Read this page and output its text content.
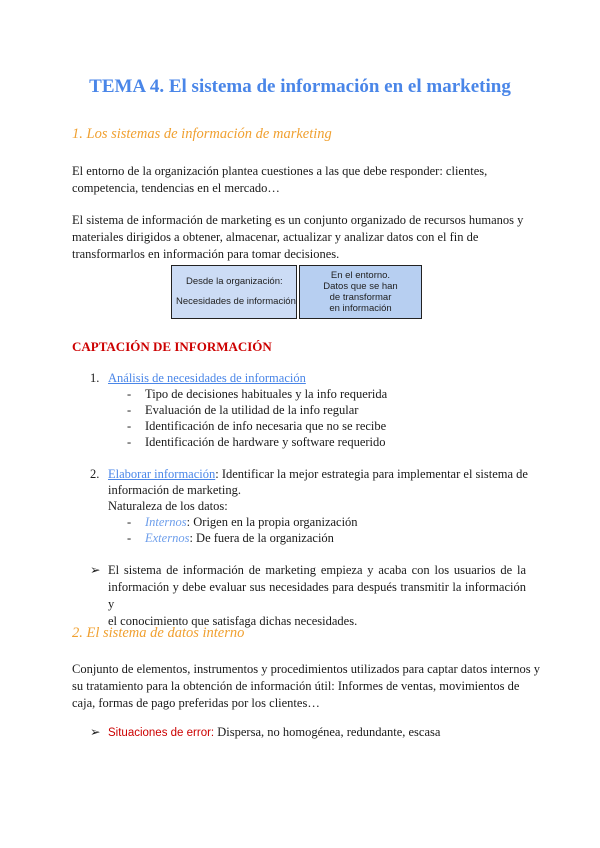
TEMA 4. El sistema de información en el marketing
1. Los sistemas de información de marketing
El entorno de la organización plantea cuestiones a las que debe responder: clientes,
competencia, tendencias en el mercado…
El sistema de información de marketing es un conjunto organizado de recursos humanos y
materiales dirigidos a obtener, almacenar, actualizar y analizar datos con el fin de
transformarlos en información para tomar decisiones.
Desde la organización:
Necesidades de información
En el entorno.
Datos que se han
de transformar
en información
CAPTACIÓN DE INFORMACIÓN
1. Análisis de necesidades de información
- Tipo de decisiones habituales y la info requerida
- Evaluación de la utilidad de la info regular
- Identificación de info necesaria que no se recibe
- Identificación de hardware y software requerido
2. Elaborar información: Identificar la mejor estrategia para implementar el sistema de
información de marketing.
Naturaleza de los datos:
- Internos: Origen en la propia organización
- Externos: De fuera de la organización
➢ El sistema de información de marketing empieza y acaba con los usuarios de la
información y debe evaluar sus necesidades para después transmitir la información y
el conocimiento que satisfaga dichas necesidades.
2. El sistema de datos interno
Conjunto de elementos, instrumentos y procedimientos utilizados para captar datos internos y
su tratamiento para la obtención de información útil: Informes de ventas, movimientos de
caja, formas de pago preferidas por los clientes…
➢ Situaciones de error: Dispersa, no homogénea, redundante, escasa
